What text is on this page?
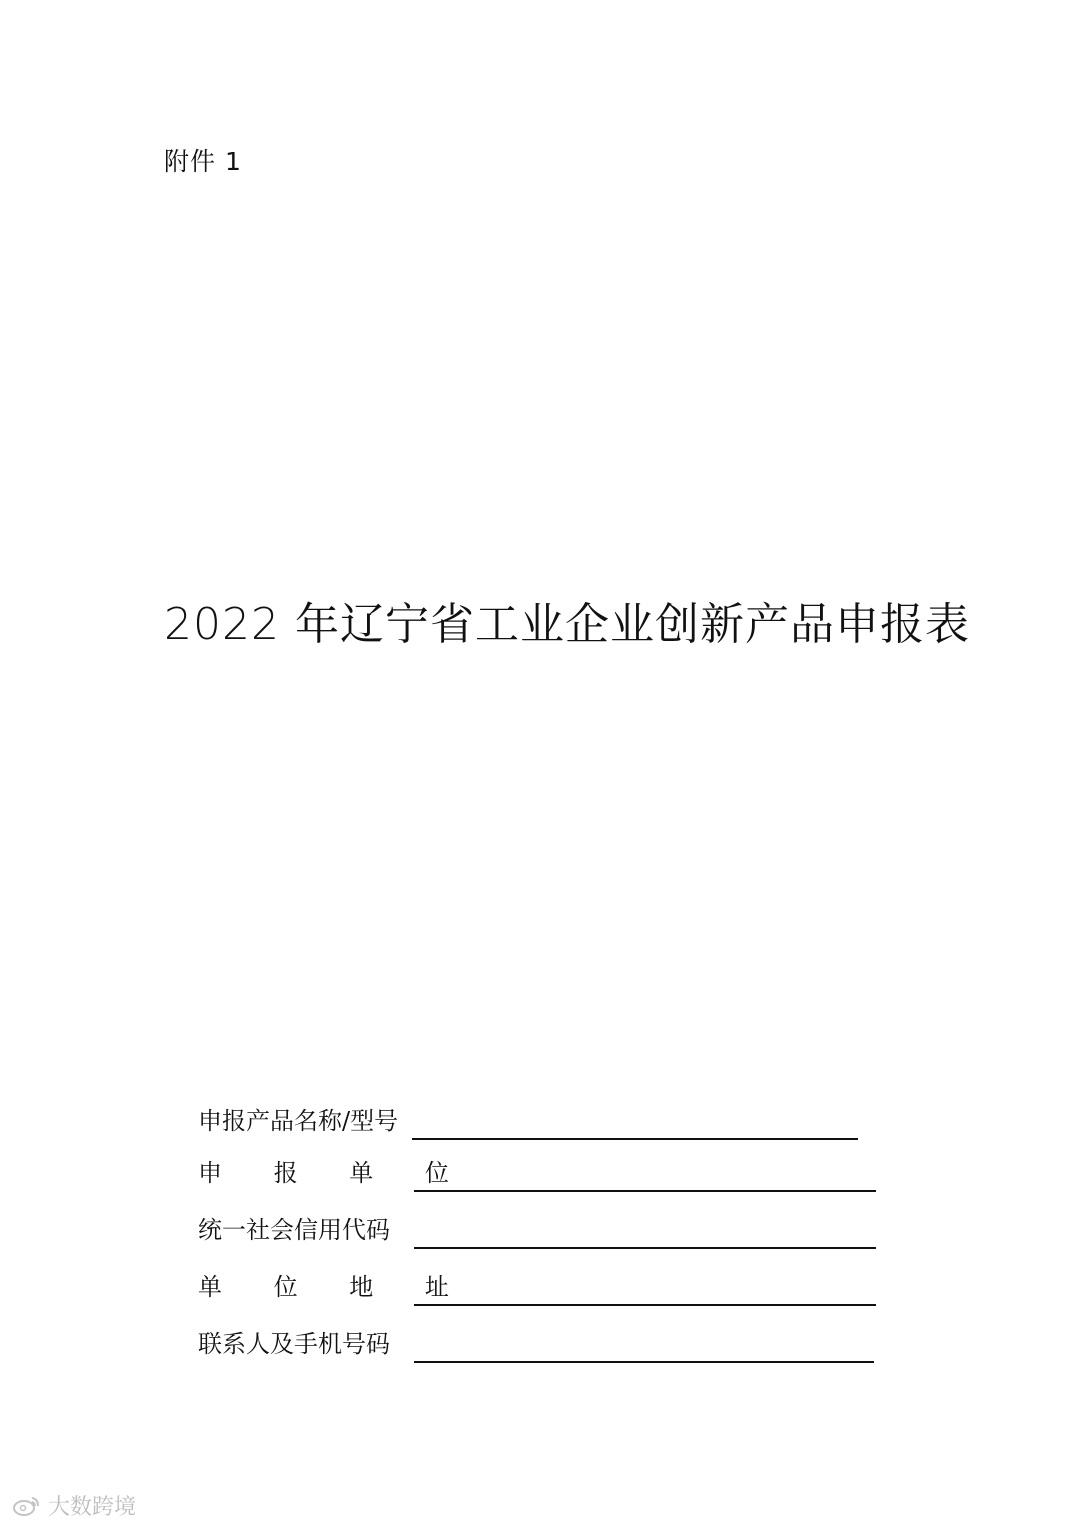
附件 1
2022 年辽宁省工业企业创新产品申报表
申报产品名称/型号
申 报 单 位
统一社会信用代码
单 位 地 址
联系人及手机号码
大数跨境
